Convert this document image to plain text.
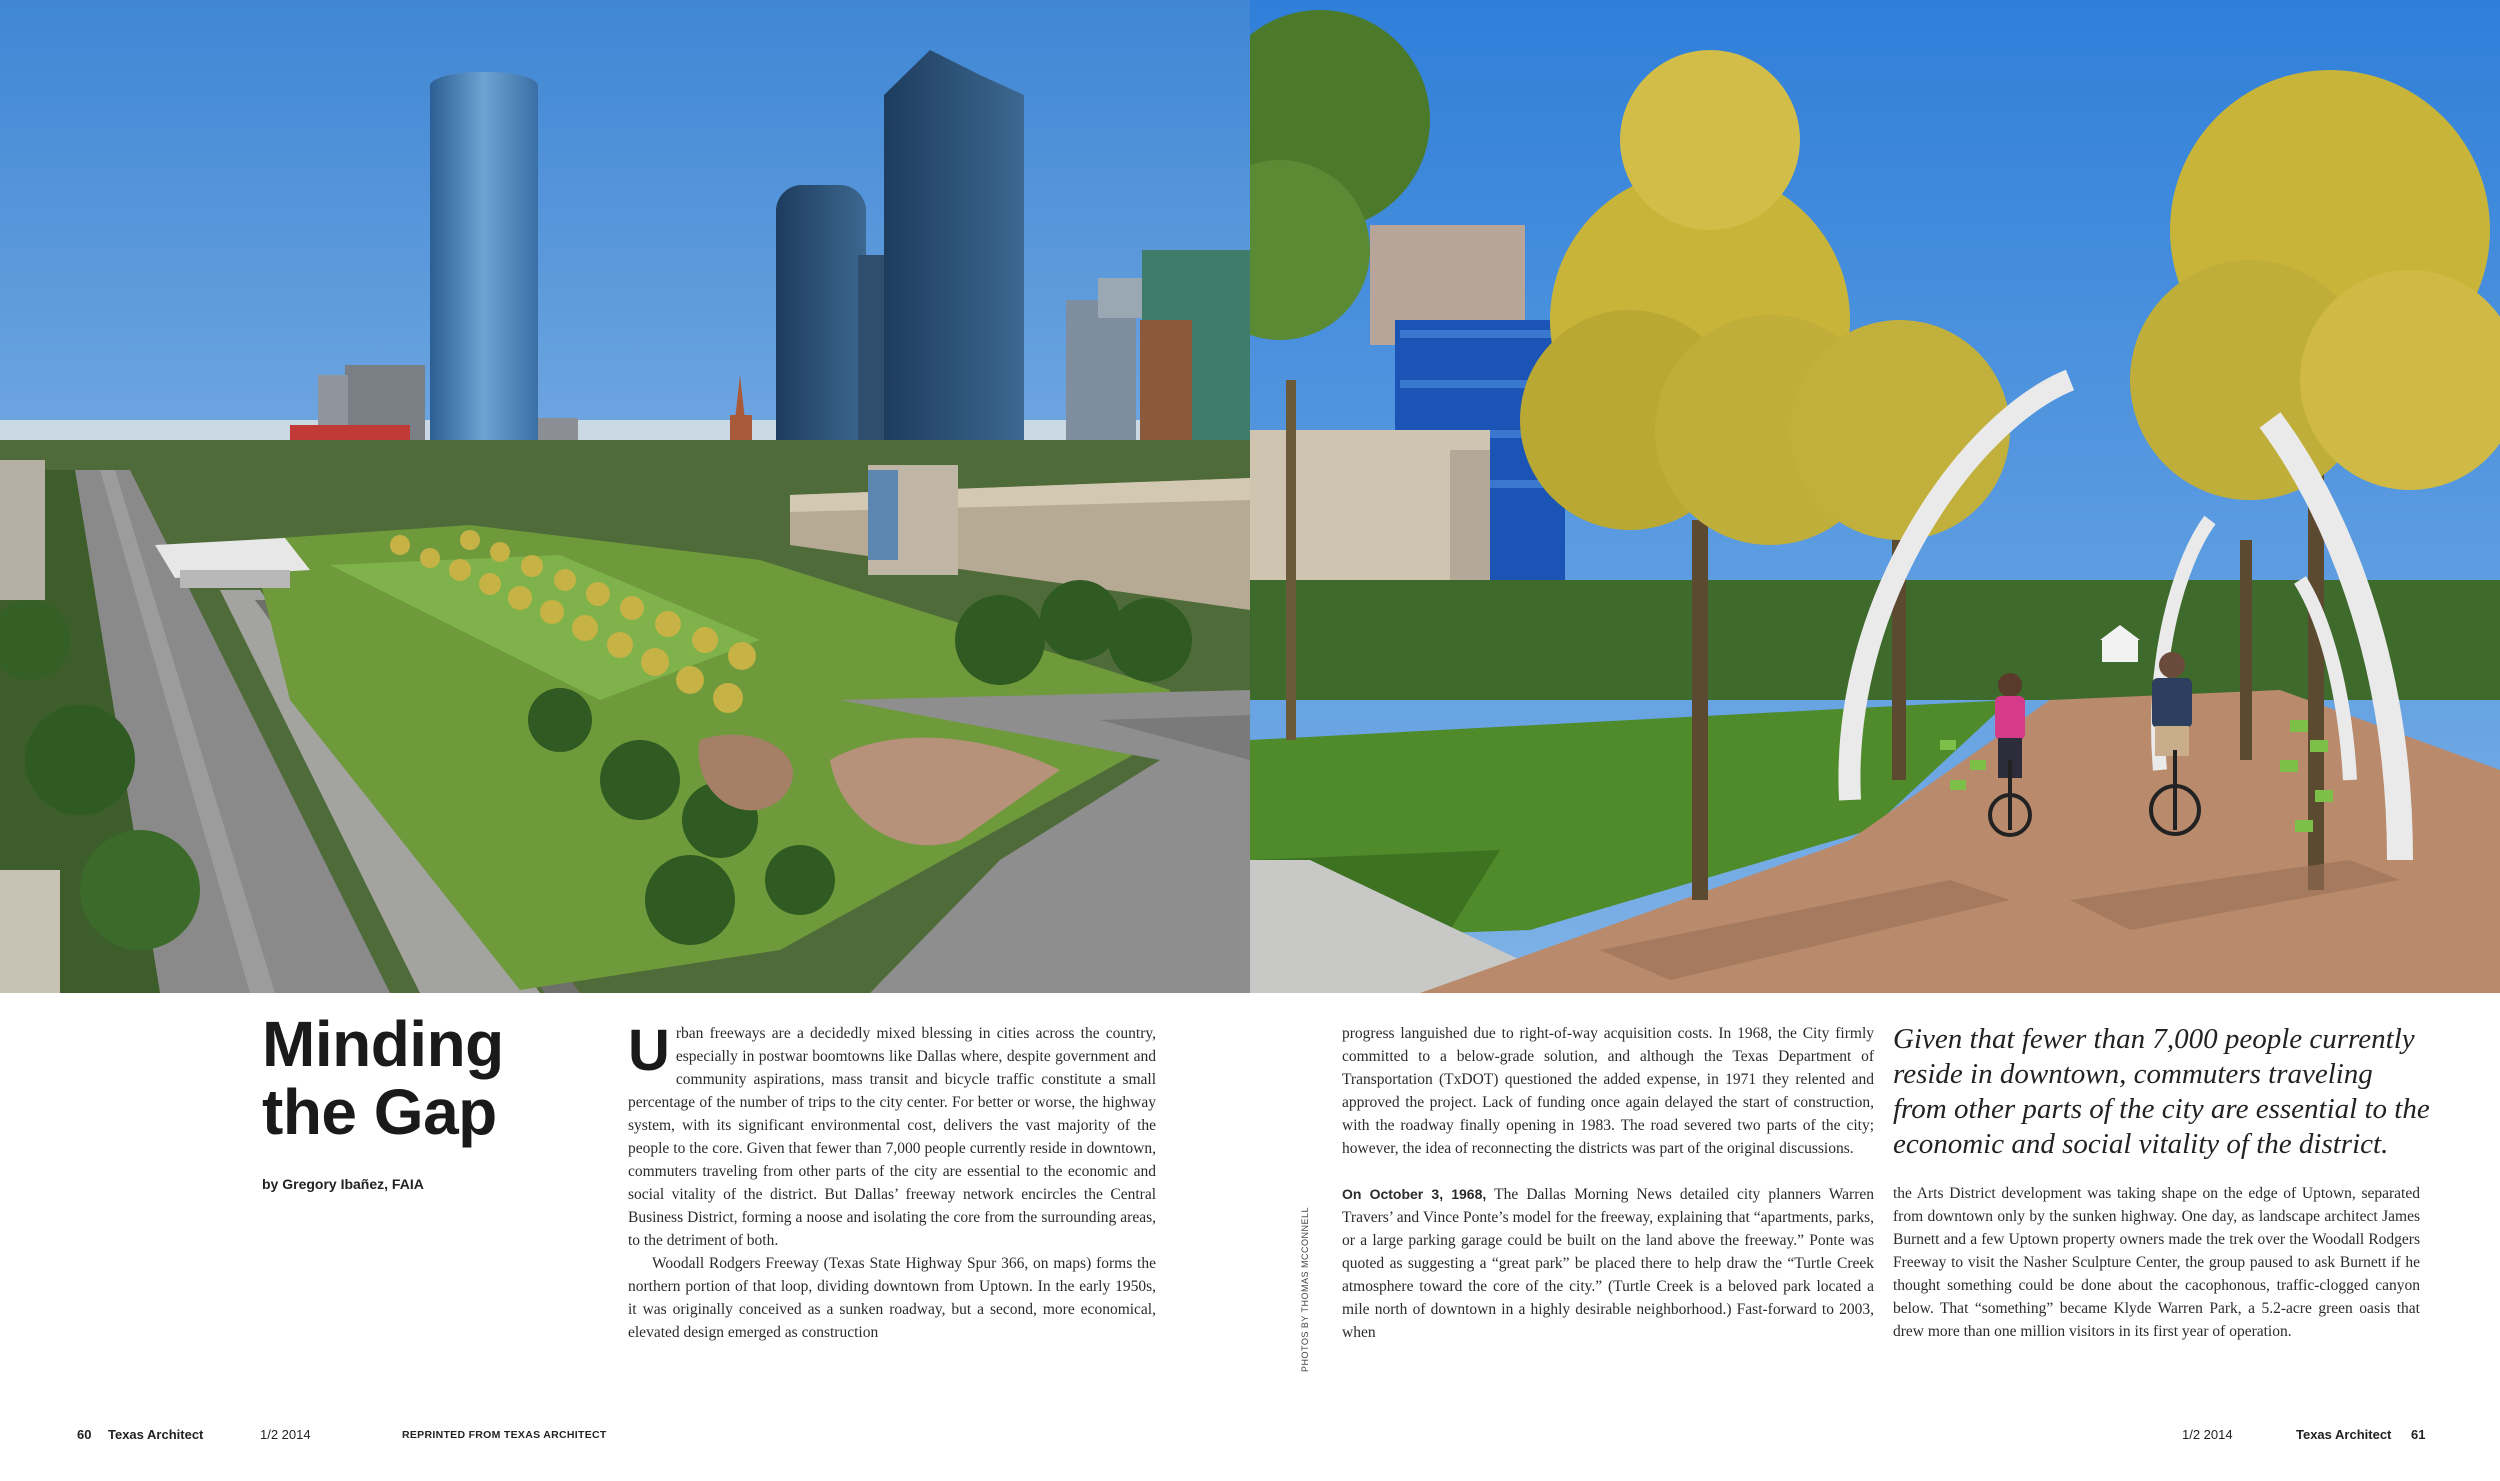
Minding
the Gap
by Gregory Ibañez, FAIA

Urban freeways are a decidedly mixed blessing in cities across the country, especially in postwar boomtowns like Dallas where, despite government and community aspirations, mass transit and bicycle traffic constitute a small percentage of the number of trips to the city center. For better or worse, the highway system, with its significant environmental cost, delivers the vast majority of the people to the core. Given that fewer than 7,000 people currently reside in downtown, commuters traveling from other parts of the city are essential to the economic and social vitality of the district. But Dallas’ freeway network encircles the Central Business District, forming a noose and isolating the core from the surrounding areas, to the detriment of both.

Woodall Rodgers Freeway (Texas State Highway Spur 366, on maps) forms the northern portion of that loop, dividing downtown from Uptown. In the early 1950s, it was originally conceived as a sunken roadway, but a second, more economical, elevated design emerged as construction

progress languished due to right-of-way acquisition costs. In 1968, the City firmly committed to a below-grade solution, and although the Texas Department of Transportation (TxDOT) questioned the added expense, in 1971 they relented and approved the project. Lack of funding once again delayed the start of construction, with the roadway finally opening in 1983. The road severed two parts of the city; however, the idea of reconnecting the districts was part of the original discussions.

On October 3, 1968, The Dallas Morning News detailed city planners Warren Travers’ and Vince Ponte’s model for the freeway, explaining that “apartments, parks, or a large parking garage could be built on the land above the freeway.” Ponte was quoted as suggesting a “great park” be placed there to help draw the “Turtle Creek atmosphere toward the core of the city.” (Turtle Creek is a beloved park located a mile north of downtown in a highly desirable neighborhood.) Fast-forward to 2003, when

PHOTOS BY THOMAS MCCONNELL
Given that fewer than 7,000 people currently reside in downtown, commuters traveling from other parts of the city are essential to the economic and social vitality of the district.

the Arts District development was taking shape on the edge of Uptown, separated from downtown only by the sunken highway. One day, as landscape architect James Burnett and a few Uptown property owners made the trek over the Woodall Rodgers Freeway to visit the Nasher Sculpture Center, the group paused to ask Burnett if he thought something could be done about the cacophonous, traffic-clogged canyon below. That “something” became Klyde Warren Park, a 5.2-acre green oasis that drew more than one million visitors in its first year of operation.

60 Texas Architect	1/2 2014	REPRINTED FROM TEXAS ARCHITECT	1/2 2014	Texas Architect 61
